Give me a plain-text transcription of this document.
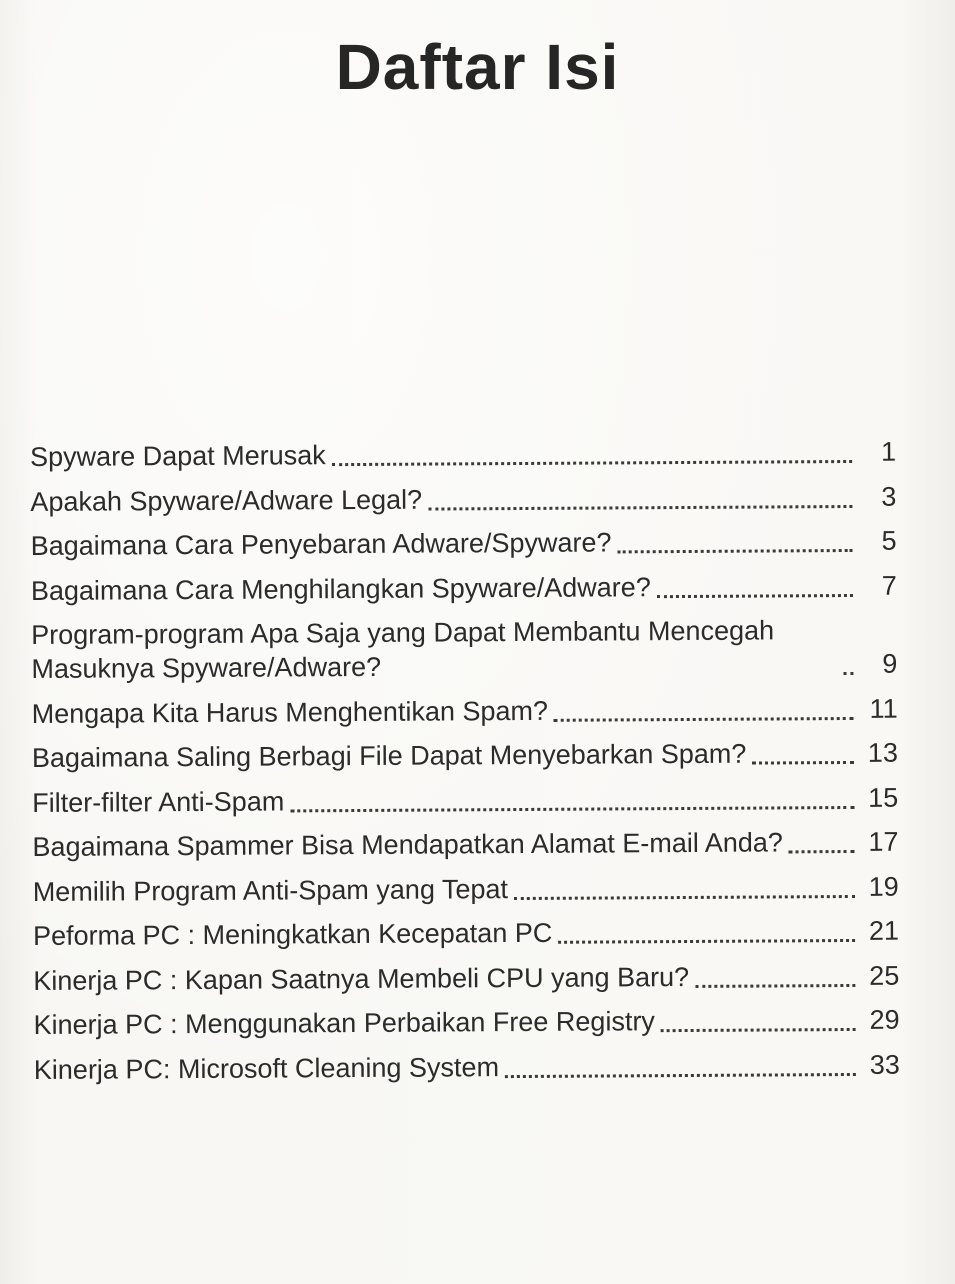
Daftar Isi
Spyware Dapat Merusak	1
Apakah Spyware/Adware Legal?	3
Bagaimana Cara Penyebaran Adware/Spyware?	5
Bagaimana Cara Menghilangkan Spyware/Adware?	7
Program-program Apa Saja yang Dapat Membantu Mencegah Masuknya Spyware/Adware?	9
Mengapa Kita Harus Menghentikan Spam?	11
Bagaimana Saling Berbagi File Dapat Menyebarkan Spam?	13
Filter-filter Anti-Spam	15
Bagaimana Spammer Bisa Mendapatkan Alamat E-mail Anda?	17
Memilih Program Anti-Spam yang Tepat	19
Peforma PC : Meningkatkan Kecepatan PC	21
Kinerja PC : Kapan Saatnya Membeli CPU yang Baru?	25
Kinerja PC : Menggunakan Perbaikan Free Registry	29
Kinerja PC: Microsoft Cleaning System	33
